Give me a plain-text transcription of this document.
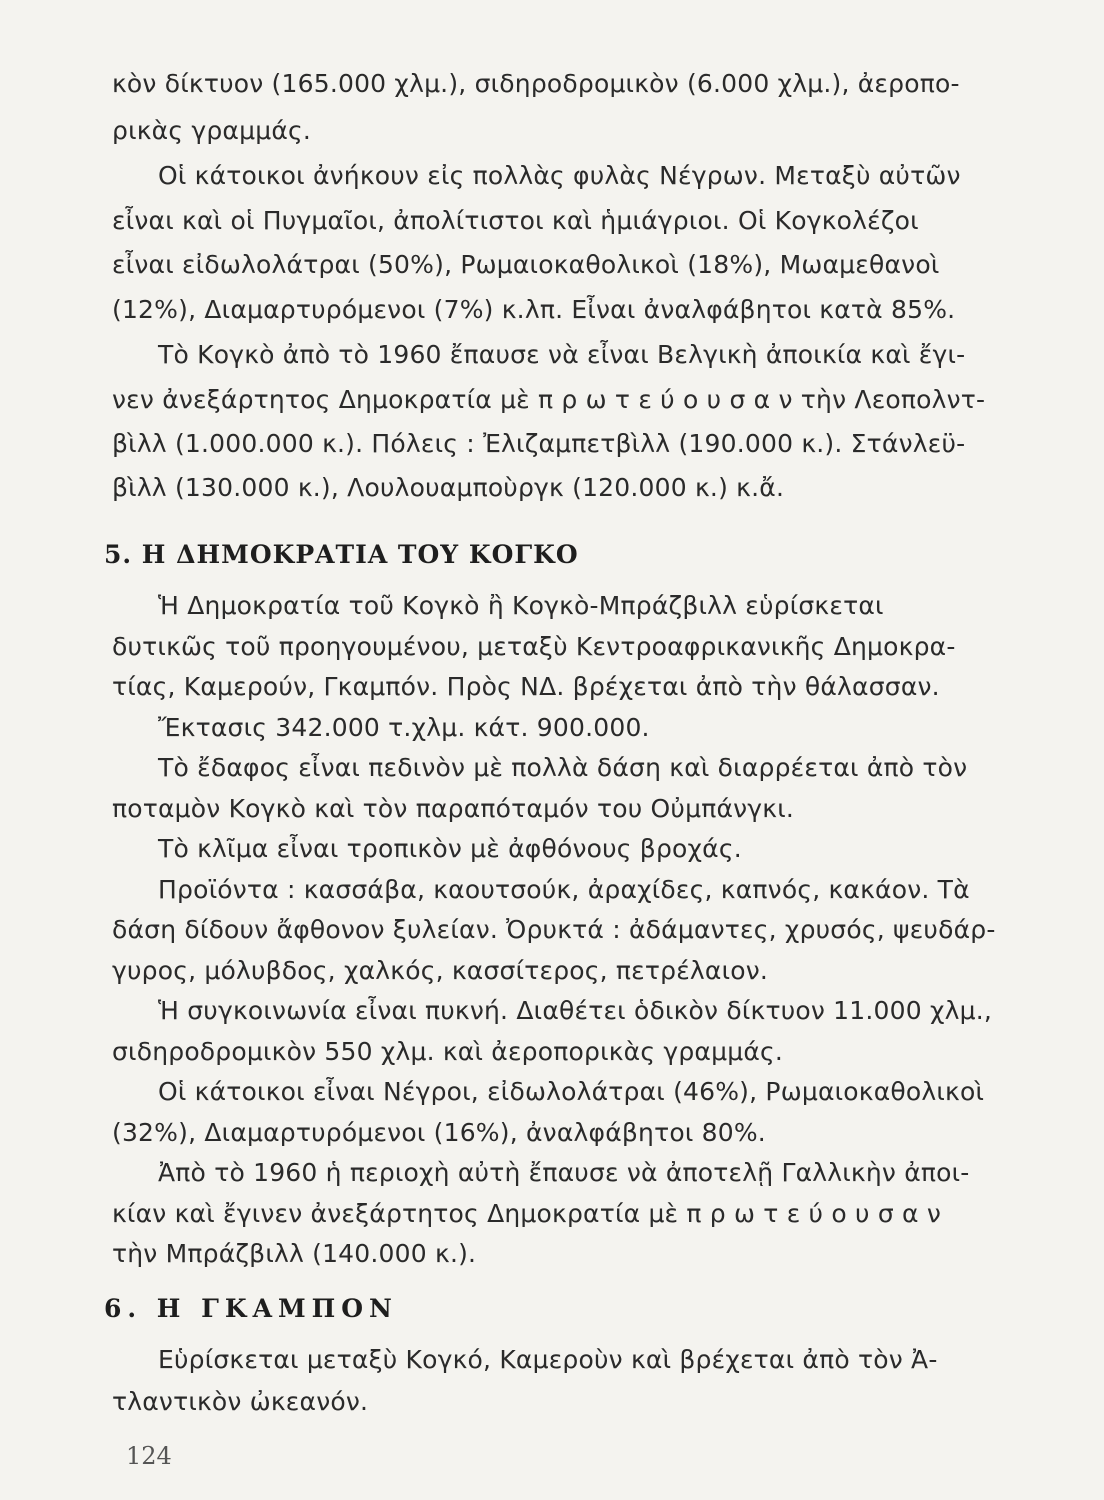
κὸν δίκτυον (165.000 χλμ.), σιδηροδρομικὸν (6.000 χλμ.), ἀεροπο-
ρικὰς γραμμάς.
Οἱ κάτοικοι ἀνήκουν εἰς πολλὰς φυλὰς Νέγρων. Μεταξὺ αὐτῶν
εἶναι καὶ οἱ Πυγμαῖοι, ἀπολίτιστοι καὶ ἡμιάγριοι. Οἱ Κογκολέζοι
εἶναι εἰδωλολάτραι (50%), Ρωμαιοκαθολικοὶ (18%), Μωαμεθανοὶ
(12%), Διαμαρτυρόμενοι (7%) κ.λπ. Εἶναι ἀναλφάβητοι κατὰ 85%.
Τὸ Κογκὸ ἀπὸ τὸ 1960 ἔπαυσε νὰ εἶναι Βελγικὴ ἀποικία καὶ ἔγι-
νεν ἀνεξάρτητος Δημοκρατία μὲ π ρ ω τ ε ύ ο υ σ α ν τὴν Λεοπολντ-
βὶλλ (1.000.000 κ.). Πόλεις : Ἐλιζαμπετβὶλλ (190.000 κ.). Στάνλεϋ-
βὶλλ (130.000 κ.), Λουλουαμποὺργκ (120.000 κ.) κ.ἄ.
5. Η ΔΗΜΟΚΡΑΤΙΑ ΤΟΥ ΚΟΓΚΟ
Ἡ Δημοκρατία τοῦ Κογκὸ ἢ Κογκὸ-Μπράζβιλλ εὑρίσκεται
δυτικῶς τοῦ προηγουμένου, μεταξὺ Κεντροαφρικανικῆς Δημοκρα-
τίας, Καμερούν, Γκαμπόν. Πρὸς ΝΔ. βρέχεται ἀπὸ τὴν θάλασσαν.
Ἔκτασις 342.000 τ.χλμ. κάτ. 900.000.
Τὸ ἔδαφος εἶναι πεδινὸν μὲ πολλὰ δάση καὶ διαρρέεται ἀπὸ τὸν
ποταμὸν Κογκὸ καὶ τὸν παραπόταμόν του Οὐμπάνγκι.
Τὸ κλῖμα εἶναι τροπικὸν μὲ ἀφθόνους βροχάς.
Προϊόντα : κασσάβα, καουτσούκ, ἀραχίδες, καπνός, κακάον. Τὰ
δάση δίδουν ἄφθονον ξυλείαν. Ὀρυκτά : ἀδάμαντες, χρυσός, ψευδάρ-
γυρος, μόλυβδος, χαλκός, κασσίτερος, πετρέλαιον.
Ἡ συγκοινωνία εἶναι πυκνή. Διαθέτει ὁδικὸν δίκτυον 11.000 χλμ.,
σιδηροδρομικὸν 550 χλμ. καὶ ἀεροπορικὰς γραμμάς.
Οἱ κάτοικοι εἶναι Νέγροι, εἰδωλολάτραι (46%), Ρωμαιοκαθολικοὶ
(32%), Διαμαρτυρόμενοι (16%), ἀναλφάβητοι 80%.
Ἀπὸ τὸ 1960 ἡ περιοχὴ αὐτὴ ἔπαυσε νὰ ἀποτελῇ Γαλλικὴν ἀποι-
κίαν καὶ ἔγινεν ἀνεξάρτητος Δημοκρατία μὲ π ρ ω τ ε ύ ο υ σ α ν
τὴν Μπράζβιλλ (140.000 κ.).
6. Η ΓΚΑΜΠΟΝ
Εὑρίσκεται μεταξὺ Κογκό, Καμεροὺν καὶ βρέχεται ἀπὸ τὸν Ἀ-
τλαντικὸν ὠκεανόν.
124
